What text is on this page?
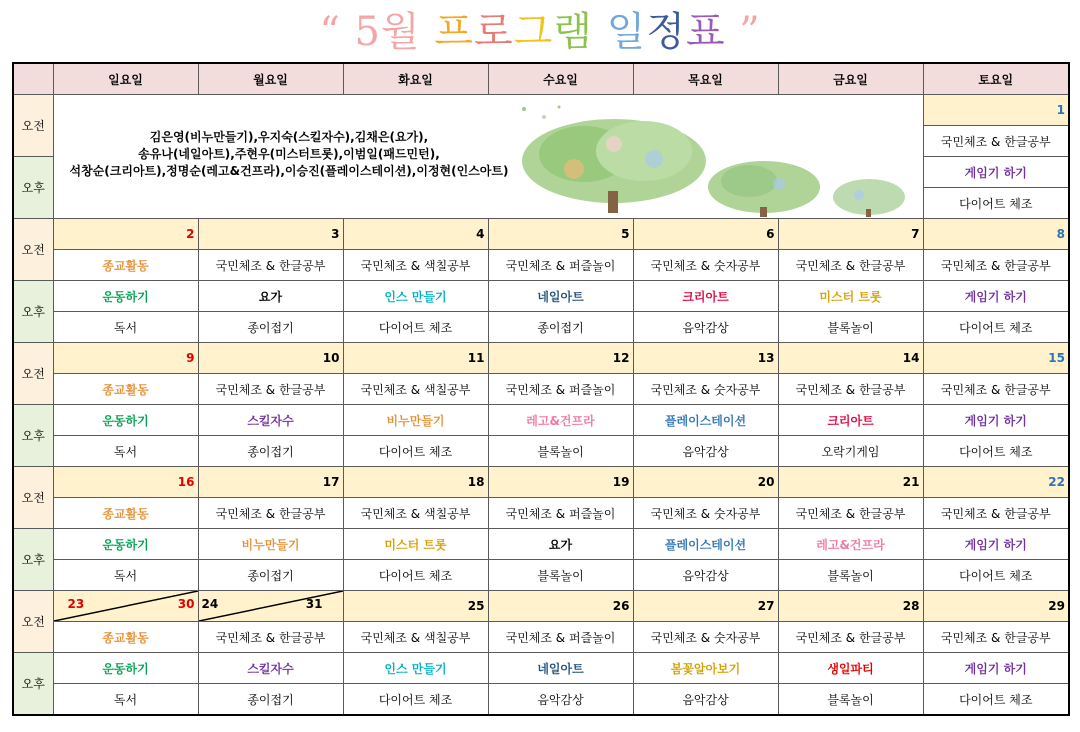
“ 5월 프로그램 일정표 ”
	일요일	월요일	화요일	수요일	목요일	금요일	토요일
오전	김은영(비누만들기),우지숙(스킬자수),김채은(요가),
송유나(네일아트),주현우(미스터트롯),이범일(패드민턴),
석창순(크리아트),정명순(레고&건프라),이승진(플레이스테이션),이정현(인스아트)						1
							국민체조 & 한글공부
오후							게임기 하기
							다이어트 체조
오전	2	3	4	5	6	7	8
	종교활동	국민체조 & 한글공부	국민체조 & 색칠공부	국민체조 & 퍼즐놀이	국민체조 & 숫자공부	국민체조 & 한글공부	국민체조 & 한글공부
오후	운동하기	요가	인스 만들기	네일아트	크리아트	미스터 트롯	게임기 하기
	독서	종이접기	다이어트 체조	종이접기	음악감상	블록놀이	다이어트 체조
오전	9	10	11	12	13	14	15
	종교활동	국민체조 & 한글공부	국민체조 & 색칠공부	국민체조 & 퍼즐놀이	국민체조 & 숫자공부	국민체조 & 한글공부	국민체조 & 한글공부
오후	운동하기	스킬자수	비누만들기	레고&건프라	플레이스테이션	크리아트	게임기 하기
	독서	종이접기	다이어트 체조	블록놀이	음악감상	오락기게임	다이어트 체조
오전	16	17	18	19	20	21	22
	종교활동	국민체조 & 한글공부	국민체조 & 색칠공부	국민체조 & 퍼즐놀이	국민체조 & 숫자공부	국민체조 & 한글공부	국민체조 & 한글공부
오후	운동하기	비누만들기	미스터 트롯	요가	플레이스테이션	레고&건프라	게임기 하기
	독서	종이접기	다이어트 체조	블록놀이	음악감상	블록놀이	다이어트 체조
오전	23 30	24 31	25	26	27	28	29
	종교활동	국민체조 & 한글공부	국민체조 & 색칠공부	국민체조 & 퍼즐놀이	국민체조 & 숫자공부	국민체조 & 한글공부	국민체조 & 한글공부
오후	운동하기	스킬자수	인스 만들기	네일아트	봄꽃알아보기	생일파티	게임기 하기
	독서	종이접기	다이어트 체조	음악감상	음악감상	블록놀이	다이어트 체조
